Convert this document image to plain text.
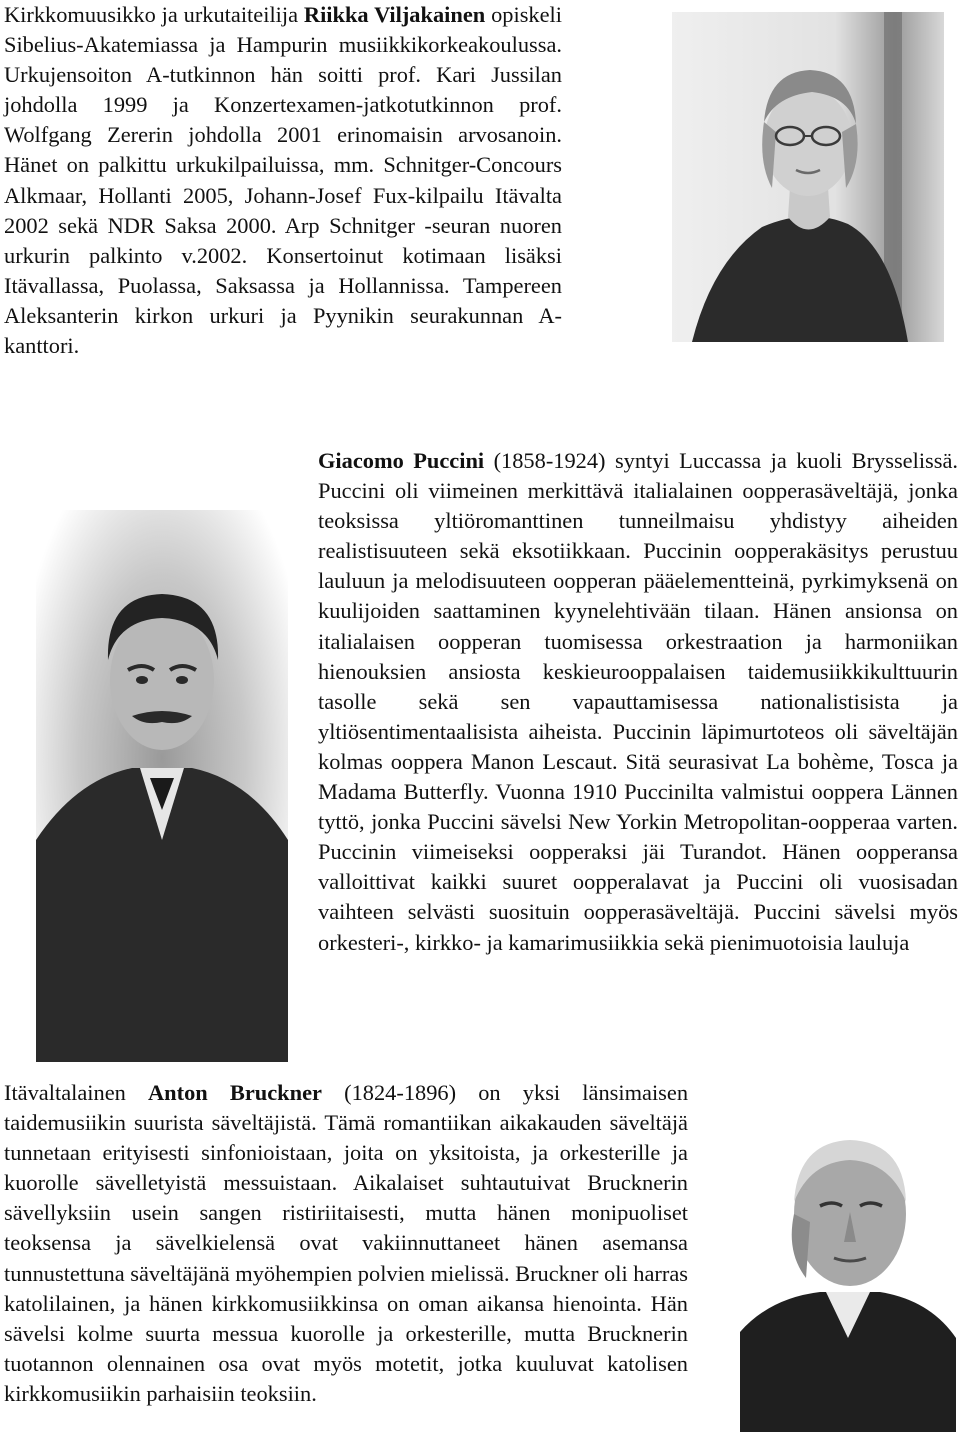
Kirkkomuusikko ja urkutaiteilija Riikka Viljakainen opiskeli Sibelius-Akatemiassa ja Hampurin musiikkikorkeakoulussa. Urkujensoiton A-tutkinnon hän soitti prof. Kari Jussilan johdolla 1999 ja Konzertexamen-jatkotutkinnon prof. Wolfgang Zererin johdolla 2001 erinomaisin arvosanoin. Hänet on palkittu urkukilpailuissa, mm. Schnitger-Concours Alkmaar, Hollanti 2005, Johann-Josef Fux-kilpailu Itävalta 2002 sekä NDR Saksa 2000. Arp Schnitger -seuran nuoren urkurin palkinto v.2002. Konsertoinut kotimaan lisäksi Itävallassa, Puolassa, Saksassa ja Hollannissa. Tampereen Aleksanterin kirkon urkuri ja Pyynikin seurakunnan A-kanttori.

Giacomo Puccini (1858-1924) syntyi Luccassa ja kuoli Brysselissä. Puccini oli viimeinen merkittävä italialainen oopperasäveltäjä, jonka teoksissa yltiöromanttinen tunneilmaisu yhdistyy aiheiden realistisuuteen sekä eksotiikkaan. Puccinin oopperakäsitys perustuu lauluun ja melodisuuteen oopperan pääelementteinä, pyrkimyksenä on kuulijoiden saattaminen kyynelehtivään tilaan. Hänen ansionsa on italialaisen oopperan tuomisessa orkestraation ja harmoniikan hienouksien ansiosta keskieurooppalaisen taidemusiikkikulttuurin tasolle sekä sen vapauttamisessa nationalistisista ja yltiösentimentaalisista aiheista. Puccinin läpimurtoteos oli säveltäjän kolmas ooppera Manon Lescaut. Sitä seurasivat La bohème, Tosca ja Madama Butterfly. Vuonna 1910 Puccinilta valmistui ooppera Lännen tyttö, jonka Puccini sävelsi New Yorkin Metropolitan-oopperaa varten. Puccinin viimeiseksi oopperaksi jäi Turandot. Hänen oopperansa valloittivat kaikki suuret oopperalavat ja Puccini oli vuosisadan vaihteen selvästi suosituin oopperasäveltäjä. Puccini sävelsi myös orkesteri-, kirkko- ja kamarimusiikkia sekä pienimuotoisia lauluja

Itävaltalainen Anton Bruckner (1824-1896) on yksi länsimaisen taidemusiikin suurista säveltäjistä. Tämä romantiikan aikakauden säveltäjä tunnetaan erityisesti sinfonioistaan, joita on yksitoista, ja orkesterille ja kuorolle sävelletyistä messuistaan. Aikalaiset suhtautuivat Brucknerin sävellyksiin usein sangen ristiriitaisesti, mutta hänen monipuoliset teoksensa ja sävelkielensä ovat vakiinnuttaneet hänen asemansa tunnustettuna säveltäjänä myöhempien polvien mielissä. Bruckner oli harras katolilainen, ja hänen kirkkomusiikkinsa on oman aikansa hienointa. Hän sävelsi kolme suurta messua kuorolle ja orkesterille, mutta Brucknerin tuotannon olennainen osa ovat myös motetit, jotka kuuluvat katolisen kirkkomusiikin parhaisiin teoksiin.
